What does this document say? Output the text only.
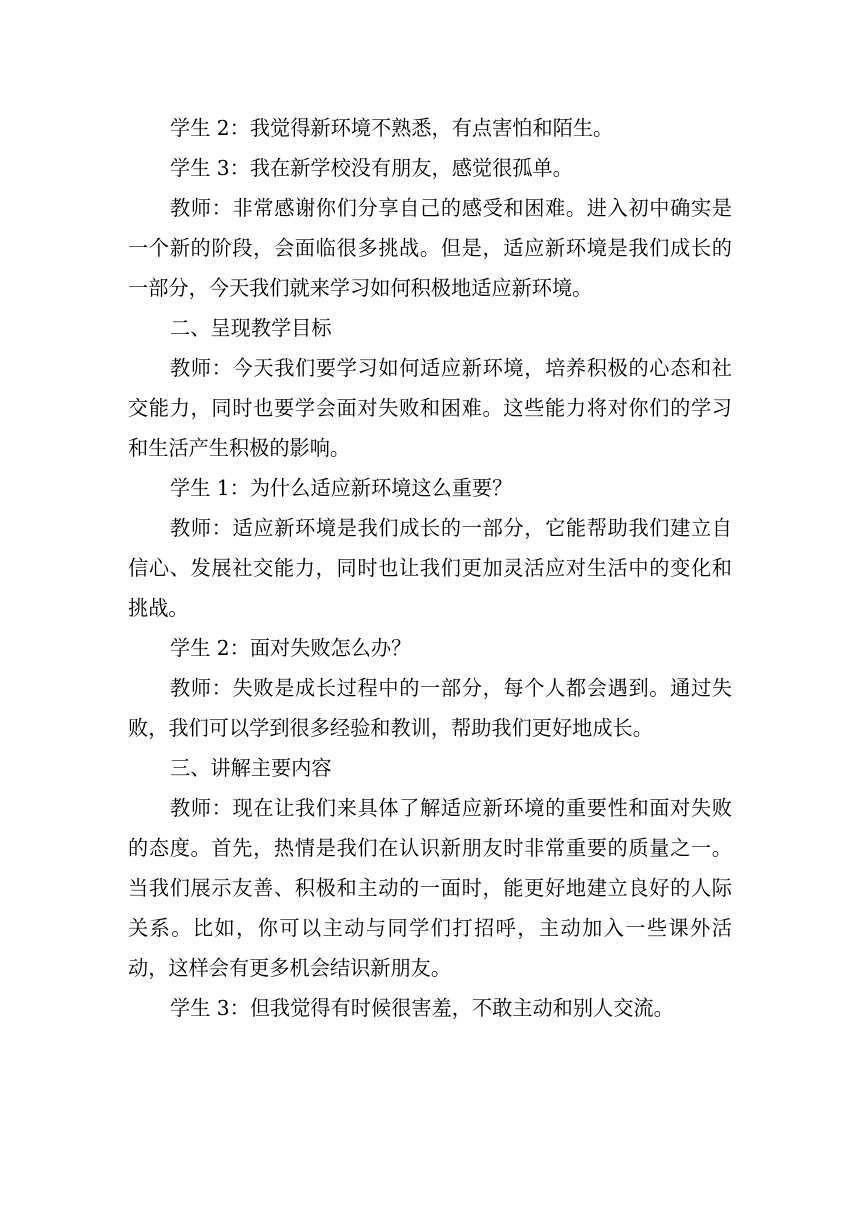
学生 2：我觉得新环境不熟悉，有点害怕和陌生。

学生 3：我在新学校没有朋友，感觉很孤单。

教师：非常感谢你们分享自己的感受和困难。进入初中确实是一个新的阶段，会面临很多挑战。但是，适应新环境是我们成长的一部分，今天我们就来学习如何积极地适应新环境。

二、呈现教学目标

教师：今天我们要学习如何适应新环境，培养积极的心态和社交能力，同时也要学会面对失败和困难。这些能力将对你们的学习和生活产生积极的影响。

学生 1：为什么适应新环境这么重要？

教师：适应新环境是我们成长的一部分，它能帮助我们建立自信心、发展社交能力，同时也让我们更加灵活应对生活中的变化和挑战。

学生 2：面对失败怎么办？

教师：失败是成长过程中的一部分，每个人都会遇到。通过失败，我们可以学到很多经验和教训，帮助我们更好地成长。

三、讲解主要内容

教师：现在让我们来具体了解适应新环境的重要性和面对失败的态度。首先，热情是我们在认识新朋友时非常重要的质量之一。当我们展示友善、积极和主动的一面时，能更好地建立良好的人际关系。比如，你可以主动与同学们打招呼，主动加入一些课外活动，这样会有更多机会结识新朋友。

学生 3：但我觉得有时候很害羞，不敢主动和别人交流。
